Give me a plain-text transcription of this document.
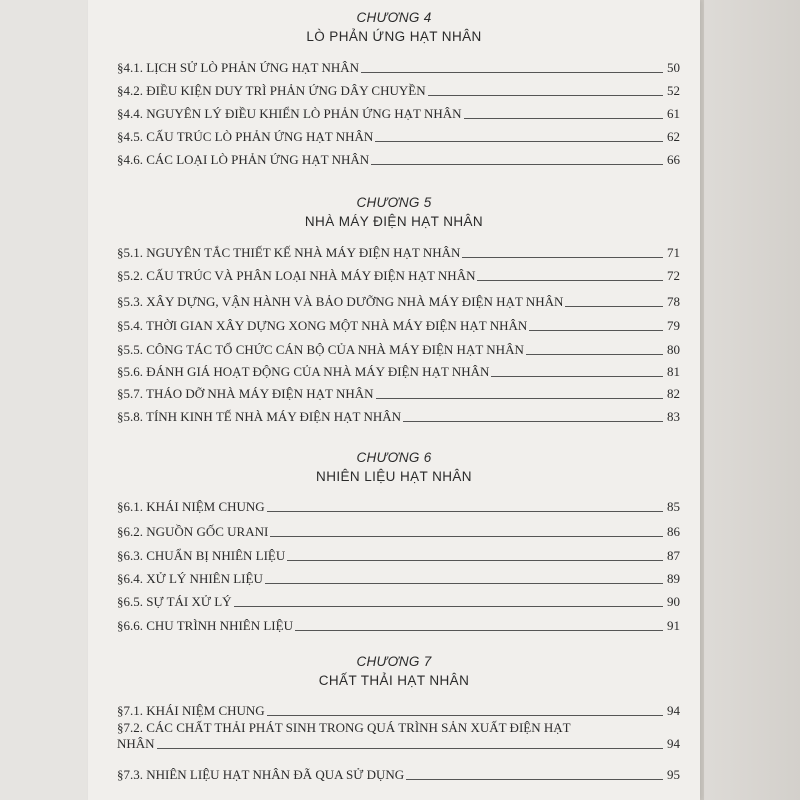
CHƯƠNG 4
LÒ PHẢN ỨNG HẠT NHÂN
§4.1. LỊCH SỬ LÒ PHẢN ỨNG HẠT NHÂN	50
§4.2. ĐIỀU KIỆN DUY TRÌ PHẢN ỨNG DÂY CHUYỀN	52
§4.4. NGUYÊN LÝ ĐIỀU KHIỂN LÒ PHẢN ỨNG HẠT NHÂN	61
§4.5. CẤU TRÚC LÒ PHẢN ỨNG HẠT NHÂN	62
§4.6. CÁC LOẠI LÒ PHẢN ỨNG HẠT NHÂN	66
CHƯƠNG 5
NHÀ MÁY ĐIỆN HẠT NHÂN
§5.1. NGUYÊN TẮC THIẾT KẾ NHÀ MÁY ĐIỆN HẠT NHÂN	71
§5.2. CẤU TRÚC VÀ PHÂN LOẠI NHÀ MÁY ĐIỆN HẠT NHÂN	72
§5.3. XÂY DỰNG, VẬN HÀNH VÀ BẢO DƯỠNG NHÀ MÁY ĐIỆN HẠT NHÂN	78
§5.4. THỜI GIAN XÂY DỰNG XONG MỘT NHÀ MÁY ĐIỆN HẠT NHÂN	79
§5.5. CÔNG TÁC TỔ CHỨC CÁN BỘ CỦA NHÀ MÁY ĐIỆN HẠT NHÂN	80
§5.6. ĐÁNH GIÁ HOẠT ĐỘNG CỦA NHÀ MÁY ĐIỆN HẠT NHÂN	81
§5.7. THÁO DỠ NHÀ MÁY ĐIỆN HẠT NHÂN	82
§5.8. TÍNH KINH TẾ NHÀ MÁY ĐIỆN HẠT NHÂN	83
CHƯƠNG 6
NHIÊN LIỆU HẠT NHÂN
§6.1. KHÁI NIỆM CHUNG	85
§6.2. NGUỒN GỐC URANI	86
§6.3. CHUẨN BỊ NHIÊN LIỆU	87
§6.4. XỬ LÝ NHIÊN LIỆU	89
§6.5. SỰ TÁI XỬ LÝ	90
§6.6. CHU TRÌNH NHIÊN LIỆU	91
CHƯƠNG 7
CHẤT THẢI HẠT NHÂN
§7.1. KHÁI NIỆM CHUNG	94
§7.2. CÁC CHẤT THẢI PHÁT SINH TRONG QUÁ TRÌNH SẢN XUẤT ĐIỆN HẠT
NHÂN	94
§7.3. NHIÊN LIỆU HẠT NHÂN ĐÃ QUA SỬ DỤNG	95
